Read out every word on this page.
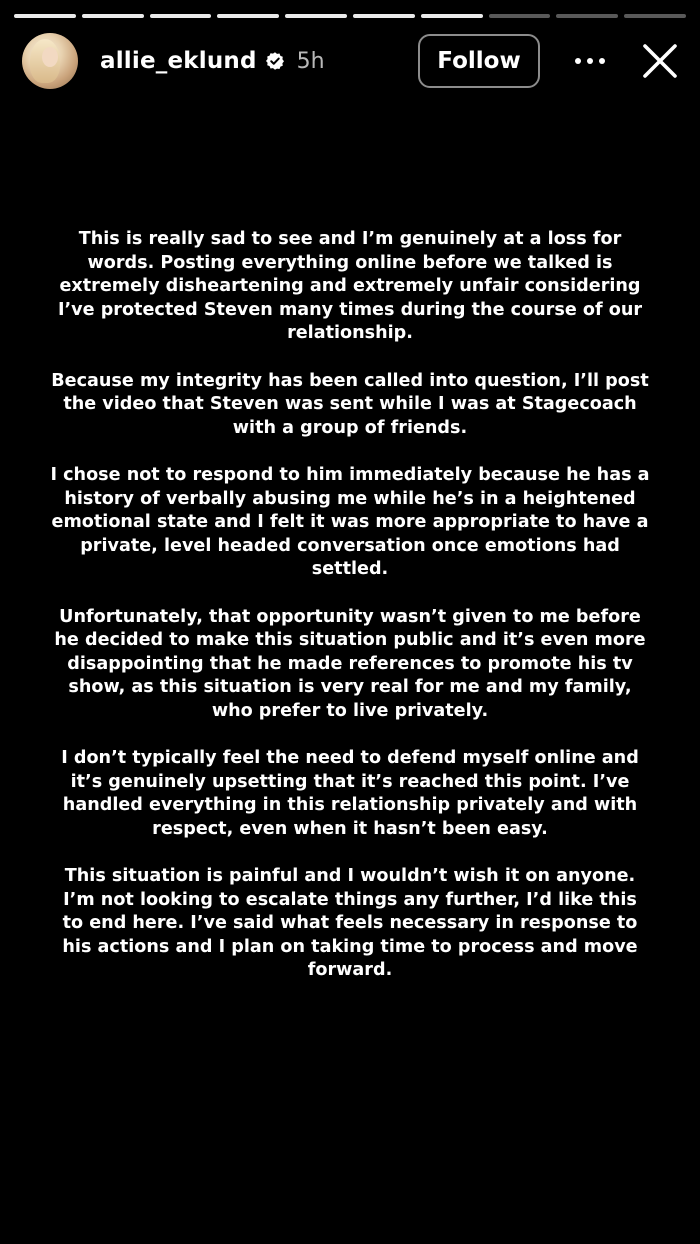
allie_eklund 5h	Follow

This is really sad to see and I’m genuinely at a loss for words. Posting everything online before we talked is extremely disheartening and extremely unfair considering I’ve protected Steven many times during the course of our relationship.

Because my integrity has been called into question, I’ll post the video that Steven was sent while I was at Stagecoach with a group of friends.

I chose not to respond to him immediately because he has a history of verbally abusing me while he’s in a heightened emotional state and I felt it was more appropriate to have a private, level headed conversation once emotions had settled.

Unfortunately, that opportunity wasn’t given to me before he decided to make this situation public and it’s even more disappointing that he made references to promote his tv show, as this situation is very real for me and my family, who prefer to live privately.

I don’t typically feel the need to defend myself online and it’s genuinely upsetting that it’s reached this point. I’ve handled everything in this relationship privately and with respect, even when it hasn’t been easy.

This situation is painful and I wouldn’t wish it on anyone. I’m not looking to escalate things any further, I’d like this to end here. I’ve said what feels necessary in response to his actions and I plan on taking time to process and move forward.
